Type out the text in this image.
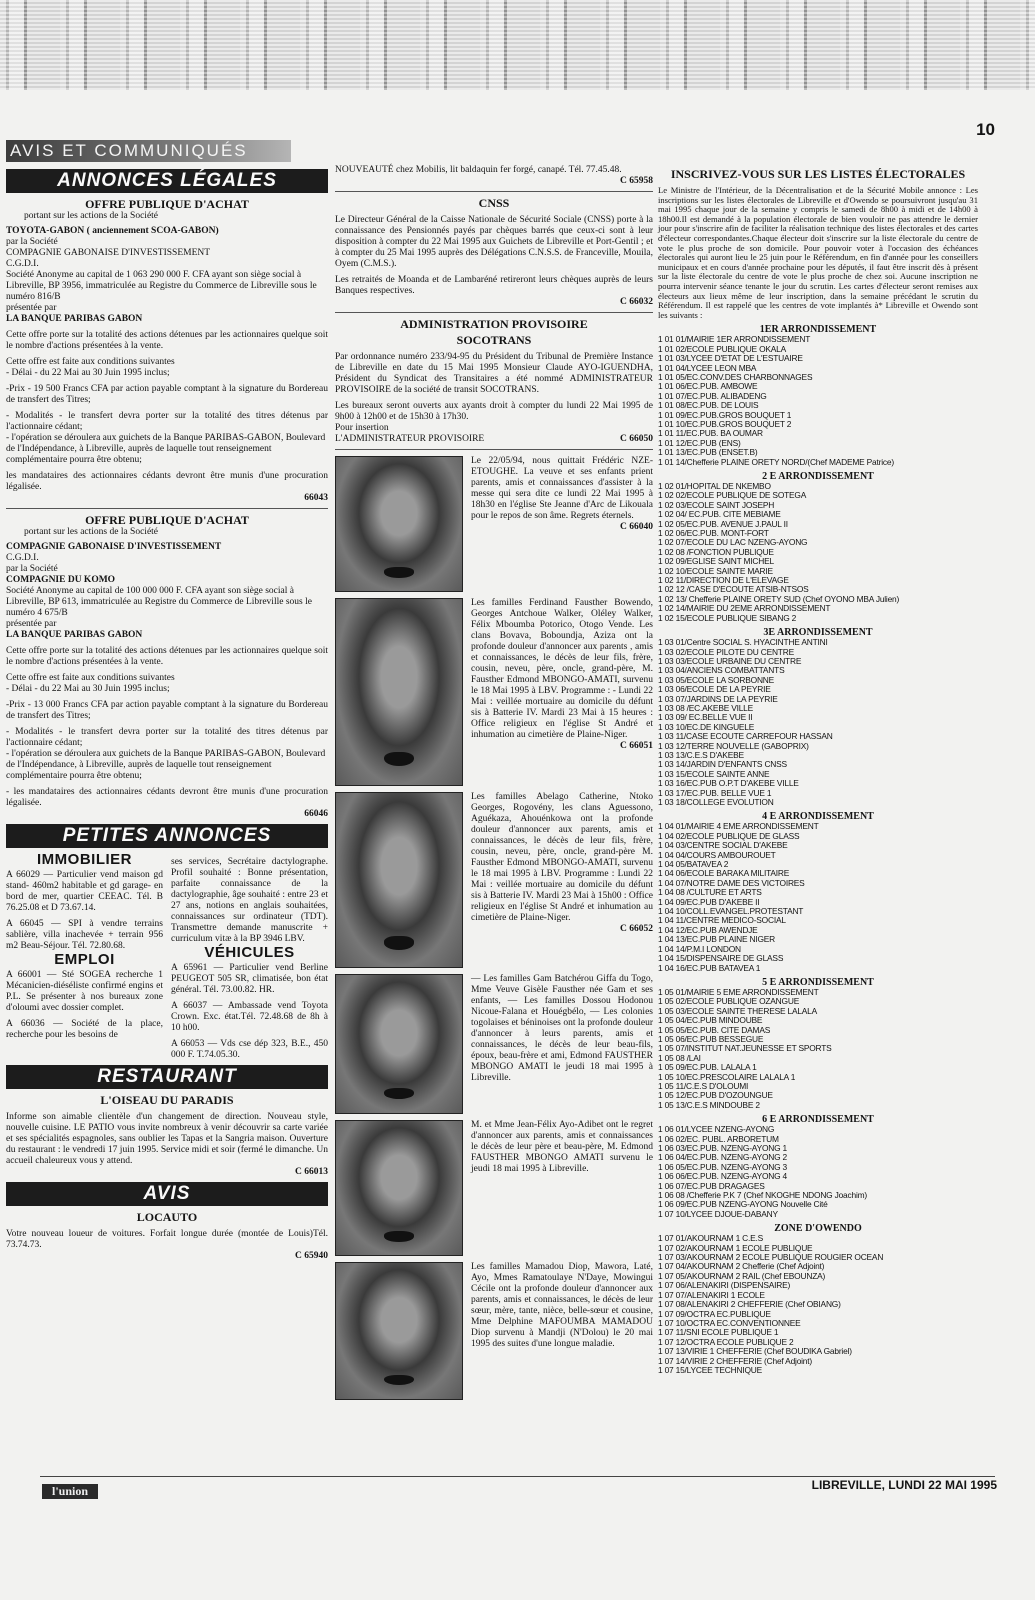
10
AVIS ET COMMUNIQUÉS
ANNONCES LÉGALES
OFFRE PUBLIQUE D'ACHAT
portant sur les actions de la Société
TOYOTA-GABON ( anciennement SCOA-GABON)
par la Société
COMPAGNIE GABONAISE D'INVESTISSEMENT
C.G.D.I.
Société Anonyme au capital de 1 063 290 000 F. CFA ayant son siège social à Libreville, BP 3956, immatriculée au Registre du Commerce de Libreville sous le numéro 816/B
présentée par
LA BANQUE PARIBAS GABON
Cette offre porte sur la totalité des actions détenues par les actionnaires quelque soit le nombre d'actions présentées à la vente.
Cette offre est faite aux conditions suivantes
- Délai - du 22 Mai au 30 Juin 1995 inclus;
-Prix - 19 500 Francs CFA par action payable comptant à la signature du Bordereau de transfert des Titres;
- Modalités - le transfert devra porter sur la totalité des titres détenus par l'actionnaire cédant;
- l'opération se déroulera aux guichets de la Banque PARIBAS-GABON, Boulevard de l'Indépendance, à Libreville, auprès de laquelle tout renseignement complémentaire pourra être obtenu;
les mandataires des actionnaires cédants devront être munis d'une procuration légalisée.
66043
OFFRE PUBLIQUE D'ACHAT
portant sur les actions de la Société
COMPAGNIE GABONAISE D'INVESTISSEMENT
C.G.D.I.
par la Société
COMPAGNIE DU KOMO
Société Anonyme au capital de 100 000 000 F. CFA ayant son siège social à Libreville, BP 613, immatriculée au Registre du Commerce de Libreville sous le numéro 4 675/B
présentée par
LA BANQUE PARIBAS GABON
Cette offre porte sur la totalité des actions détenues par les actionnaires quelque soit le nombre d'actions présentées à la vente.
Cette offre est faite aux conditions suivantes
- Délai - du 22 Mai au 30 Juin 1995 inclus;
-Prix - 13 000 Francs CFA par action payable comptant à la signature du Bordereau de transfert des Titres;
- Modalités - le transfert devra porter sur la totalité des titres détenus par l'actionnaire cédant;
- l'opération se déroulera aux guichets de la Banque PARIBAS-GABON, Boulevard de l'Indépendance, à Libreville, auprès de laquelle tout renseignement complémentaire pourra être obtenu;
- les mandataires des actionnaires cédants devront être munis d'une procuration légalisée.
66046
PETITES ANNONCES
IMMOBILIER
A 66029 — Particulier vend maison gd stand- 460m2 habitable et gd garage- en bord de mer, quartier CEEAC. Tél. B 76.25.08 et D 73.67.14.
A 66045 — SPI à vendre terrains sablière, villa inachevée + terrain 956 m2 Beau-Séjour. Tél. 72.80.68.
EMPLOI
A 66001 — Sté SOGEA recherche 1 Mécanicien-diéséliste confirmé engins et P.L. Se présenter à nos bureaux zone d'oloumi avec dossier complet.
A 66036 — Société de la place, recherche pour les besoins de
ses services, Secrétaire dactylographe. Profil souhaité : Bonne présentation, parfaite connaissance de la dactylographie, âge souhaité : entre 23 et 27 ans, notions en anglais souhaitées, connaissances sur ordinateur (TDT). Transmettre demande manuscrite + curriculum vitæ à la BP 3946 LBV.
VÉHICULES
A 65961 — Particulier vend Berline PEUGEOT 505 SR, climatisée, bon état général. Tél. 73.00.82. HR.
A 66037 — Ambassade vend Toyota Crown. Exc. état.Tél. 72.48.68 de 8h à 10 h00.
A 66053 — Vds cse dép 323, B.E., 450 000 F. T.74.05.30.
RESTAURANT
L'OISEAU DU PARADIS
Informe son aimable clientèle d'un changement de direction. Nouveau style, nouvelle cuisine. LE PATIO vous invite nombreux à venir découvrir sa carte variée et ses spécialités espagnoles, sans oublier les Tapas et la Sangria maison. Ouverture du restaurant : le vendredi 17 juin 1995. Service midi et soir (fermé le dimanche. Un accueil chaleureux vous y attend.
C 66013
AVIS
LOCAUTO
Votre nouveau loueur de voitures. Forfait longue durée (montée de Louis)Tél. 73.74.73.
C 65940
NOUVEAUTÉ chez Mobilis, lit baldaquin fer forgé, canapé. Tél. 77.45.48.
C 65958
CNSS
Le Directeur Général de la Caisse Nationale de Sécurité Sociale (CNSS) porte à la connaissance des Pensionnés payés par chèques barrés que ceux-ci sont à leur disposition à compter du 22 Mai 1995 aux Guichets de Libreville et Port-Gentil ; et à compter du 25 Mai 1995 auprès des Délégations C.N.S.S. de Franceville, Mouila, Oyem (C.M.S.).
Les retraités de Moanda et de Lambaréné retireront leurs chèques auprès de leurs Banques respectives.
C 66032
ADMINISTRATION PROVISOIRE
SOCOTRANS
Par ordonnance numéro 233/94-95 du Président du Tribunal de Première Instance de Libreville en date du 15 Mai 1995 Monsieur Claude AYO-IGUENDHA, Président du Syndicat des Transitaires a été nommé ADMINISTRATEUR PROVISOIRE de la société de transit SOCOTRANS.
Les bureaux seront ouverts aux ayants droit à compter du lundi 22 Mai 1995 de 9h00 à 12h00 et de 15h30 à 17h30.
Pour insertion
L'ADMINISTRATEUR PROVISOIRE	C 66050
Le 22/05/94, nous quittait Frédéric NZE-ETOUGHE. La veuve et ses enfants prient parents, amis et connaissances d'assister à la messe qui sera dite ce lundi 22 Mai 1995 à 18h30 en l'église Ste Jeanne d'Arc de Likouala pour le repos de son âme. Regrets éternels.
C 66040
Les familles Ferdinand Fausther Bowendo, Georges Antchoue Walker, Oléley Walker, Félix Mboumba Potorico, Otogo Vende. Les clans Bovava, Boboundja, Aziza ont la profonde douleur d'annoncer aux parents , amis et connaissances, le décès de leur fils, frère, cousin, neveu, père, oncle, grand-père, M. Fausther Edmond MBONGO-AMATI, survenu le 18 Mai 1995 à LBV. Programme : - Lundi 22 Mai : veillée mortuaire au domicile du défunt sis à Batterie IV. Mardi 23 Mai à 15 heures : Office religieux en l'église St André et inhumation au cimetière de Plaine-Niger.
C 66051
Les familles Abelago Catherine, Ntoko Georges, Rogovény, les clans Aguessono, Aguékaza, Ahouénkowa ont la profonde douleur d'annoncer aux parents, amis et connaissances, le décès de leur fils, frère, cousin, neveu, père, oncle, grand-père M. Fausther Edmond MBONGO-AMATI, survenu le 18 mai 1995 à LBV. Programme : Lundi 22 Mai : veillée mortuaire au domicile du défunt sis à Batterie IV. Mardi 23 Mai à 15h00 : Office religieux en l'église St André et inhumation au cimetière de Plaine-Niger.
C 66052
— Les familles Gam Batchérou Giffa du Togo, Mme Veuve Gisèle Fausther née Gam et ses enfants, — Les familles Dossou Hodonou Nicoue-Falana et Houégbélo, — Les colonies togolaises et béninoises ont la profonde douleur d'annoncer à leurs parents, amis et connaissances, le décès de leur beau-fils, époux, beau-frère et ami, Edmond FAUSTHER MBONGO AMATI le jeudi 18 mai 1995 à Libreville.
M. et Mme Jean-Félix Ayo-Adibet ont le regret d'annoncer aux parents, amis et connaissances le décès de leur père et beau-père, M. Edmond FAUSTHER MBONGO AMATI survenu le jeudi 18 mai 1995 à Libreville.
Les familles Mamadou Diop, Mawora, Laté, Ayo, Mmes Ramatoulaye N'Daye, Mowingui Cécile ont la profonde douleur d'annoncer aux parents, amis et connaissances, le décès de leur sœur, mère, tante, nièce, belle-sœur et cousine, Mme Delphine MAFOUMBA MAMADOU Diop survenu à Mandji (N'Dolou) le 20 mai 1995 des suites d'une longue maladie.
INSCRIVEZ-VOUS SUR LES LISTES ÉLECTORALES
Le Ministre de l'Intérieur, de la Décentralisation et de la Sécurité Mobile annonce : Les inscriptions sur les listes électorales de Libreville et d'Owendo se poursuivront jusqu'au 31 mai 1995 chaque jour de la semaine y compris le samedi de 8h00 à midi et de 14h00 à 18h00.Il est demandé à la population électorale de bien vouloir ne pas attendre le dernier jour pour s'inscrire afin de faciliter la réalisation technique des listes électorales et des cartes d'électeur correspondantes.Chaque électeur doit s'inscrire sur la liste électorale du centre de vote le plus proche de son domicile. Pour pouvoir voter à l'occasion des échéances électorales qui auront lieu le 25 juin pour le Référendum, en fin d'année pour les conseillers municipaux et en cours d'année prochaine pour les députés, il faut être inscrit dès à présent sur la liste électorale du centre de vote le plus proche de chez soi. Aucune inscription ne pourra intervenir séance tenante le jour du scrutin. Les cartes d'électeur seront remises aux électeurs aux lieux même de leur inscription, dans la semaine précédant le scrutin du Référendum. Il est rappelé que les centres de vote implantés à* Libreville et Owendo sont les suivants :
1ER ARRONDISSEMENT
1 01 01/MAIRIE 1ER ARRONDISSEMENT
1 01 02/ECOLE PUBLIQUE OKALA
1 01 03/LYCEE D'ETAT DE L'ESTUAIRE
1 01 04/LYCEE LEON MBA
1 01 05/EC.CONV.DES CHARBONNAGES
1 01 06/EC.PUB. AMBOWE
1 01 07/EC.PUB. ALIBADENG
1 01 08/EC.PUB. DE LOUIS
1 01 09/EC.PUB.GROS BOUQUET 1
1 01 10/EC.PUB.GROS BOUQUET 2
1 01 11/EC.PUB. BA OUMAR
1 01 12/EC.PUB (ENS)
1 01 13/EC.PUB (ENSET.B)
1 01 14/Chefferie PLAINE ORETY NORD/(Chef MADEME Patrice)
2 E ARRONDISSEMENT
1 02 01/HOPITAL DE NKEMBO
1 02 02/ECOLE PUBLIQUE DE SOTEGA
1 02 03/ECOLE SAINT JOSEPH
1 02 04/ EC.PUB. CITE MEBIAME
1 02 05/EC.PUB. AVENUE J.PAUL II
1 02 06/EC.PUB. MONT-FORT
1 02 07/ECOLE DU LAC NZENG-AYONG
1 02 08 /FONCTION PUBLIQUE
1 02 09/EGLISE SAINT MICHEL
1 02 10/ECOLE SAINTE MARIE
1 02 11/DIRECTION DE L'ELEVAGE
1 02 12 /CASE D'ECOUTE ATSIB-NTSOS
1 02 13/ Chefferie PLAINE ORETY SUD (Chef OYONO MBA Julien)
1 02 14/MAIRIE DU 2EME ARRONDISSEMENT
1 02 15/ECOLE PUBLIQUE SIBANG 2
3E ARRONDISSEMENT
1 03 01/Centre SOCIAL S. HYACINTHE ANTINI
1 03 02/ECOLE PILOTE DU CENTRE
1 03 03/ECOLE URBAINE DU CENTRE
1 03 04/ANCIENS COMBATTANTS
1 03 05/ECOLE LA SORBONNE
1 03 06/ECOLE DE LA PEYRIE
1 03 07/JARDINS DE LA PEYRIE
1 03 08 /EC.AKEBE VILLE
1 03 09/ EC.BELLE VUE II
1 03 10/EC.DE KINGUELE
1 03 11/CASE ECOUTE CARREFOUR HASSAN
1 03 12/TERRE NOUVELLE (GABOPRIX)
1 03 13/C.E.S D'AKEBE
1 03 14/JARDIN D'ENFANTS CNSS
1 03 15/ECOLE SAINTE ANNE
1 03 16/EC.PUB O.P.T D'AKEBE VILLE
1 03 17/EC.PUB. BELLE VUE 1
1 03 18/COLLEGE EVOLUTION
4 E ARRONDISSEMENT
1 04 01/MAIRIE 4 EME ARRONDISSEMENT
1 04 02/ECOLE PUBLIQUE DE GLASS
1 04 03/CENTRE SOCIAL D'AKEBE
1 04 04/COURS AMBOUROUET
1 04 05/BATAVEA 2
1 04 06/ECOLE BARAKA MILITAIRE
1 04 07/NOTRE DAME DES VICTOIRES
1 04 08 /CULTURE ET ARTS
1 04 09/EC.PUB D'AKEBE II
1 04 10/COLL.EVANGEL.PROTESTANT
1 04 11/CENTRE MEDICO-SOCIAL
1 04 12/EC.PUB AWENDJE
1 04 13/EC.PUB PLAINE NIGER
1 04 14/P.M.I LONDON
1 04 15/DISPENSAIRE DE GLASS
1 04 16/EC.PUB BATAVEA 1
5 E ARRONDISSEMENT
1 05 01/MAIRIE 5 EME ARRONDISSEMENT
1 05 02/ECOLE PUBLIQUE OZANGUE
1 05 03/ECOLE SAINTE THERESE LALALA
1 05 04/EC.PUB MINDOUBE
1 05 05/EC.PUB. CITE DAMAS
1 05 06/EC.PUB BESSEGUE
1 05 07/INSTITUT NAT.JEUNESSE ET SPORTS
1 05 08 /LAI
1 05 09/EC.PUB. LALALA 1
1 05 10/EC.PRESCOLAIRE LALALA 1
1 05 11/C.E.S D'OLOUMI
1 05 12/EC.PUB D'OZOUNGUE
1 05 13/C.E.S MINDOUBE 2
6 E ARRONDISSEMENT
1 06 01/LYCEE NZENG-AYONG
1 06 02/EC. PUBL. ARBORETUM
1 06 03/EC.PUB. NZENG-AYONG 1
1 06 04/EC.PUB. NZENG-AYONG 2
1 06 05/EC.PUB. NZENG-AYONG 3
1 06 06/EC.PUB. NZENG-AYONG 4
1 06 07/EC.PUB DRAGAGES
1 06 08 /Chefferie P.K 7 (Chef NKOGHE NDONG Joachim)
1 06 09/EC.PUB NZENG-AYONG Nouvelle Cité
1 07 10/LYCEE DJOUE-DABANY
ZONE D'OWENDO
1 07 01/AKOURNAM 1 C.E.S
1 07 02/AKOURNAM 1 ECOLE PUBLIQUE
1 07 03/AKOURNAM 2 ECOLE PUBLIQUE ROUGIER OCEAN
1 07 04/AKOURNAM 2 Chefferie (Chef Adjoint)
1 07 05/AKOURNAM 2 RAIL (Chef EBOUNZA)
1 07 06/ALENAKIRI (DISPENSAIRE)
1 07 07/ALENAKIRI 1 ECOLE
1 07 08/ALENAKIRI 2 CHEFFERIE (Chef OBIANG)
1 07 09/OCTRA EC.PUBLIQUE
1 07 10/OCTRA EC.CONVENTIONNEE
1 07 11/SNI ECOLE PUBLIQUE 1
1 07 12/OCTRA ECOLE PUBLIQUE 2
1 07 13/VIRIE 1 CHEFFERIE (Chef BOUDIKA Gabriel)
1 07 14/VIRIE 2 CHEFFERIE (Chef Adjoint)
1 07 15/LYCEE TECHNIQUE
l'union	LIBREVILLE, LUNDI 22 MAI 1995
